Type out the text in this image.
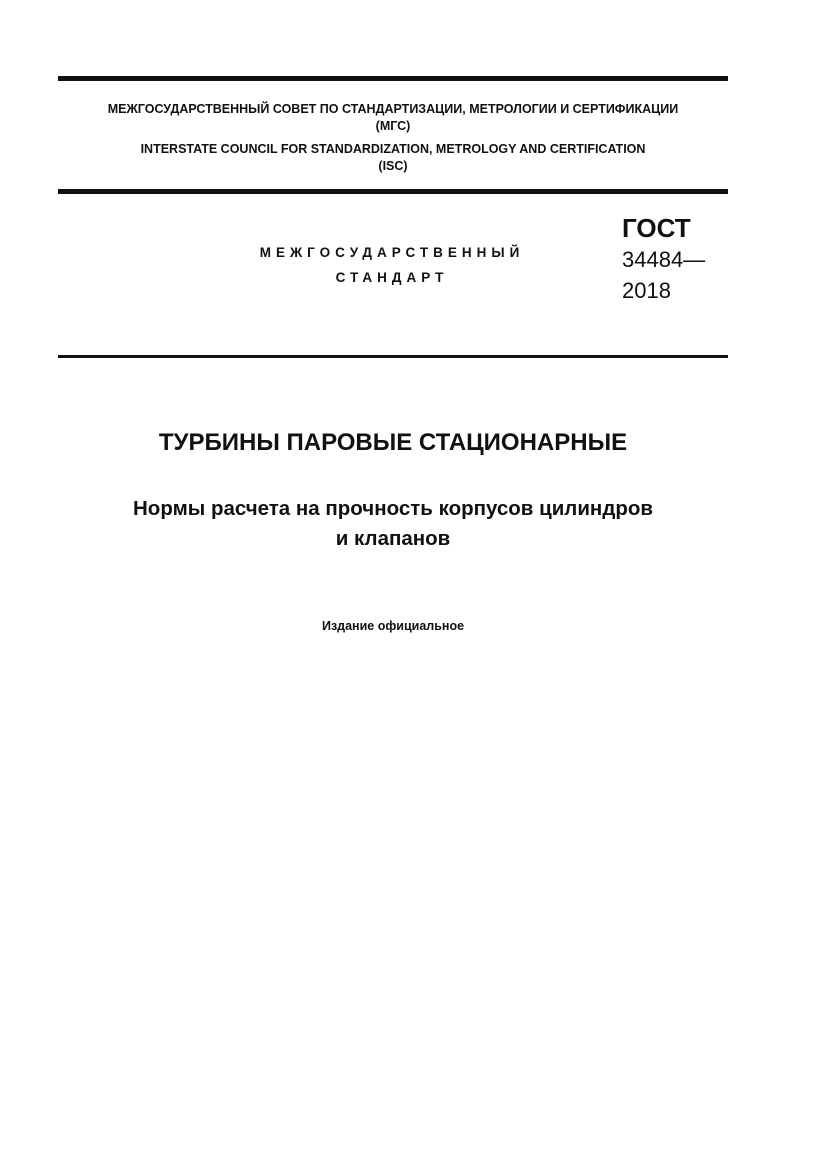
МЕЖГОСУДАРСТВЕННЫЙ СОВЕТ ПО СТАНДАРТИЗАЦИИ, МЕТРОЛОГИИ И СЕРТИФИКАЦИИ
(МГС)
INTERSTATE COUNCIL FOR STANDARDIZATION, METROLOGY AND CERTIFICATION
(ISC)
МЕЖГОСУДАРСТВЕННЫЙ
СТАНДАРТ
ГОСТ
34484—
2018
ТУРБИНЫ ПАРОВЫЕ СТАЦИОНАРНЫЕ
Нормы расчета на прочность корпусов цилиндров
и клапанов
Издание официальное
